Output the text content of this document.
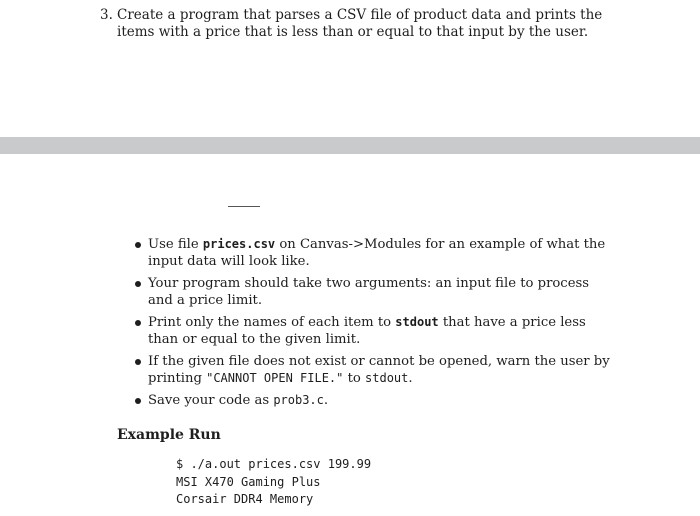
3. Create a program that parses a CSV file of product data and prints the items with a price that is less than or equal to that input by the user.
Use file prices.csv on Canvas->Modules for an example of what the input data will look like.
Your program should take two arguments: an input file to process and a price limit.
Print only the names of each item to stdout that have a price less than or equal to the given limit.
If the given file does not exist or cannot be opened, warn the user by printing "CANNOT OPEN FILE." to stdout.
Save your code as prob3.c.
Example Run
$ ./a.out prices.csv 199.99
MSI X470 Gaming Plus
Corsair DDR4 Memory
